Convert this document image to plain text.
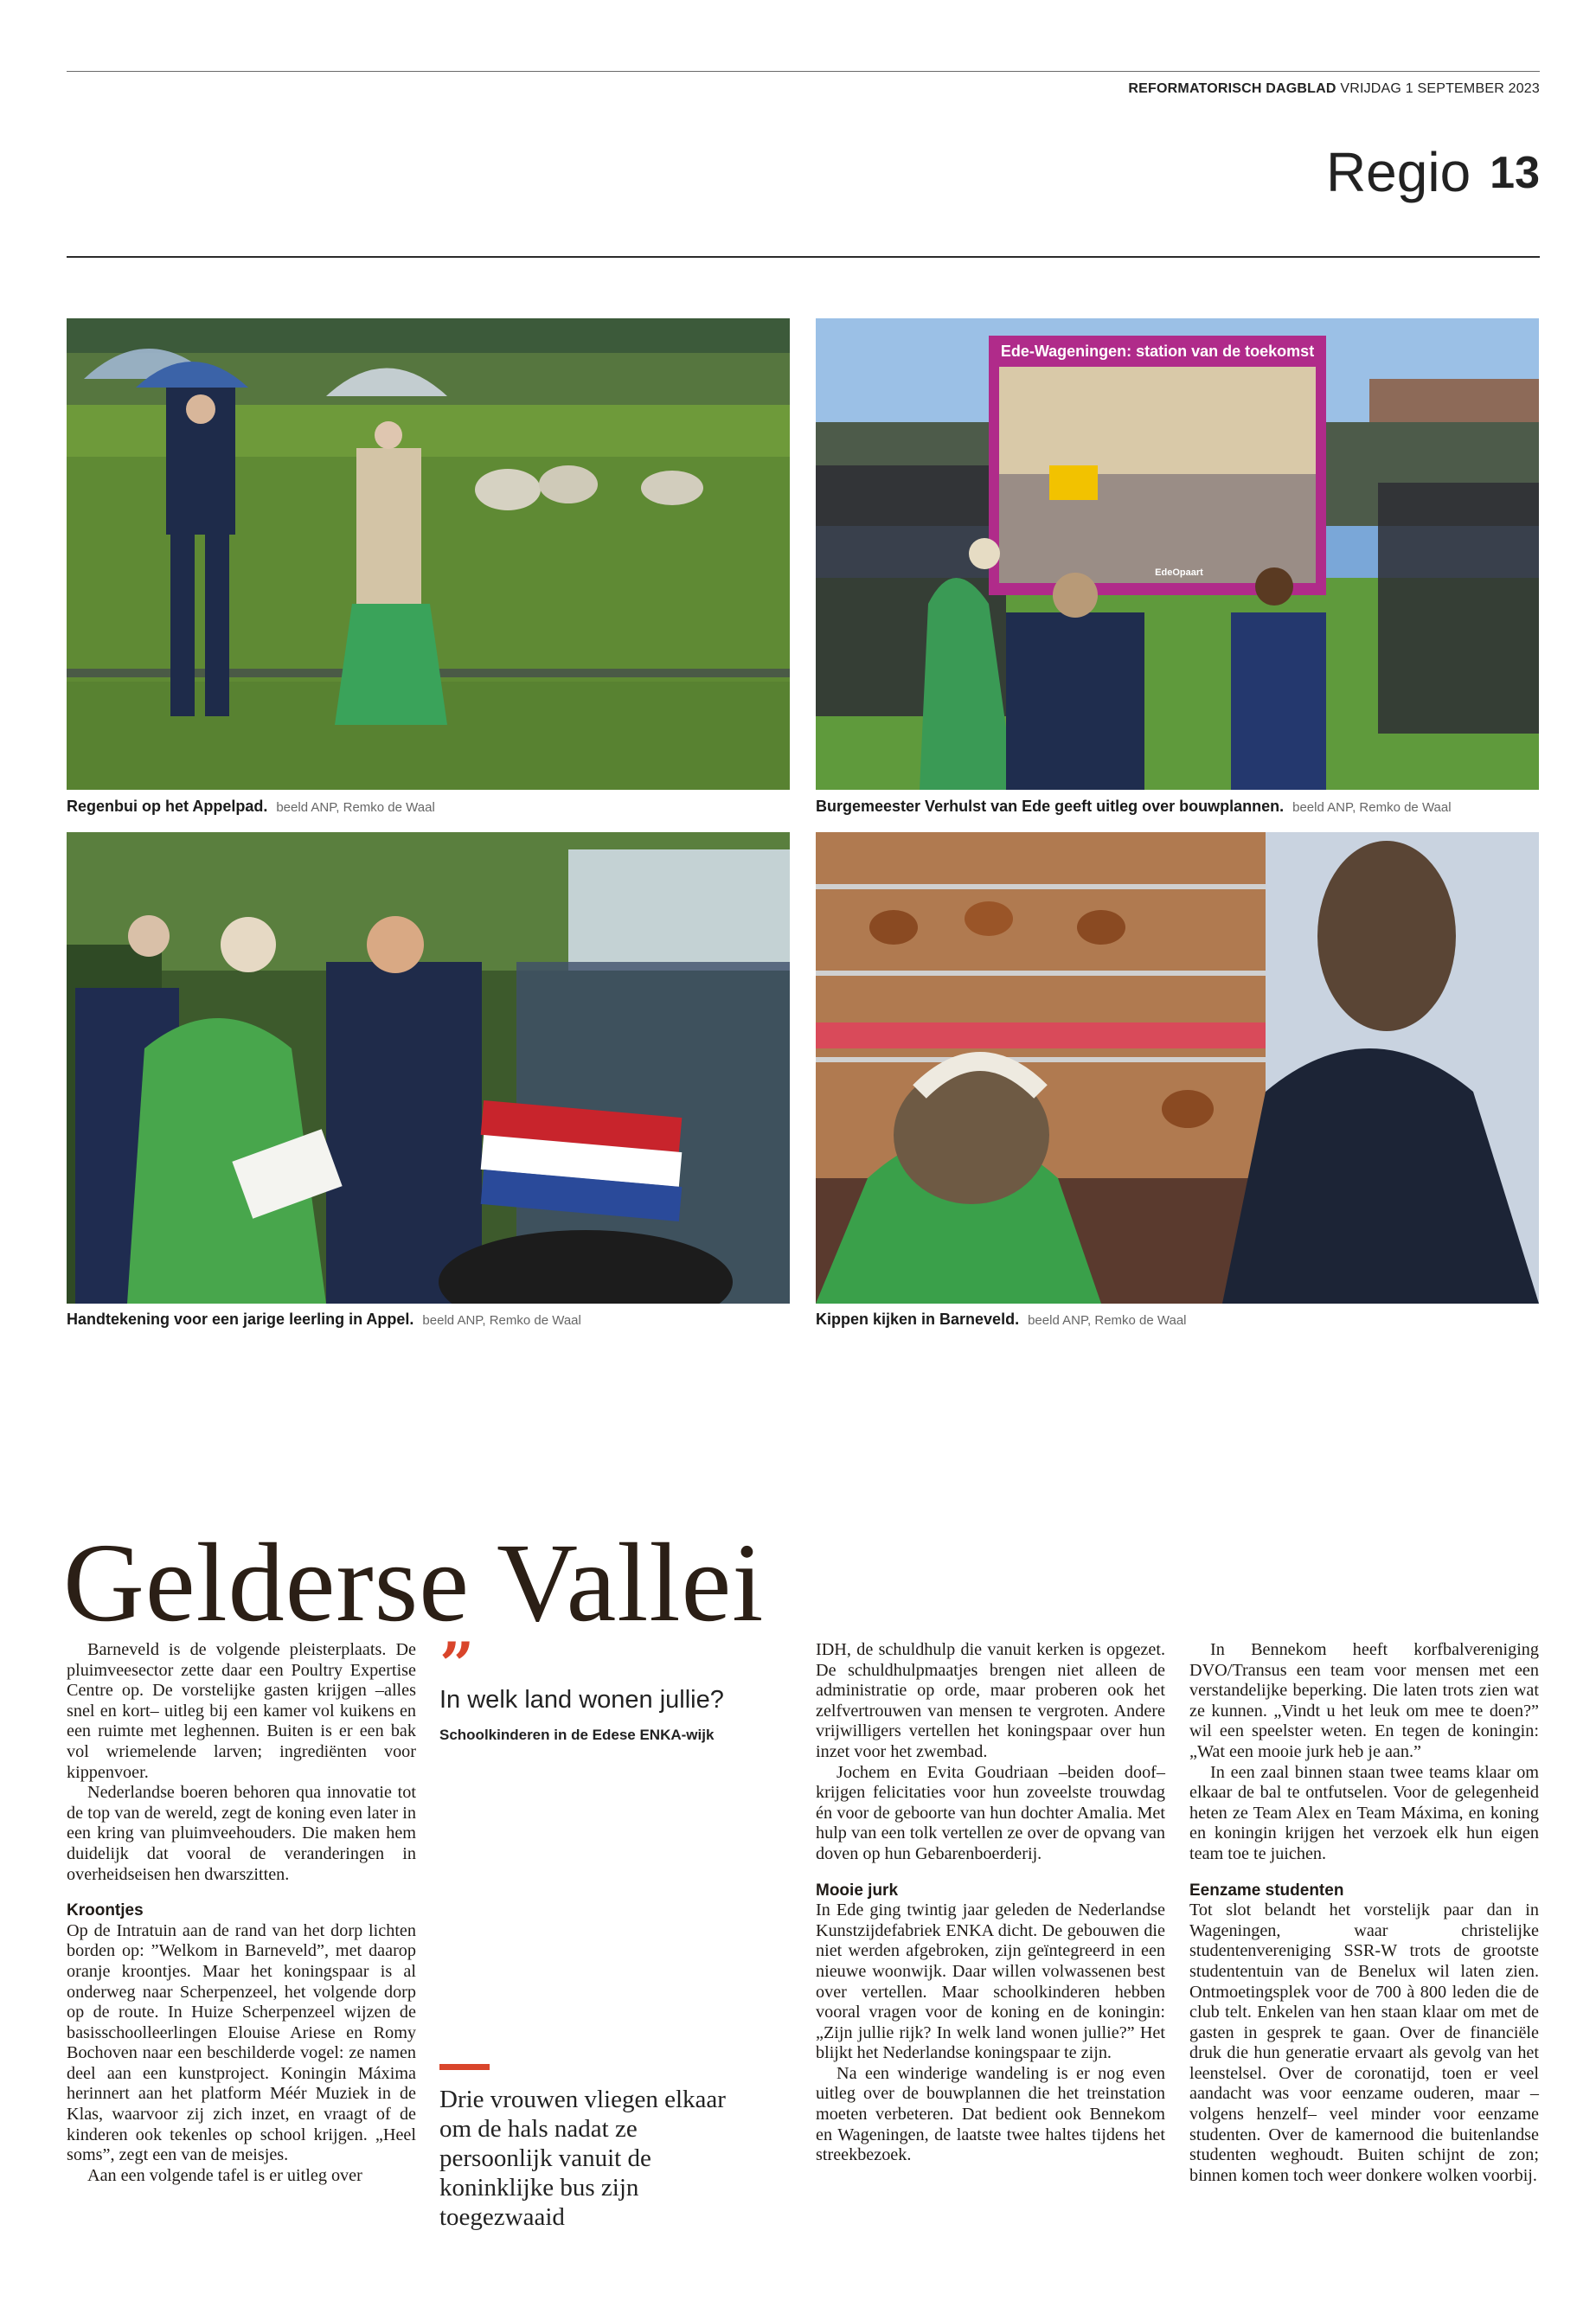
REFORMATORISCH DAGBLAD VRIJDAG 1 SEPTEMBER 2023
Regio 13
Regenbui op het Appelpad. beeld ANP, Remko de Waal
Ede-Wageningen: station van de toekomst
EdeOpaart
Burgemeester Verhulst van Ede geeft uitleg over bouwplannen. beeld ANP, Remko de Waal
Handtekening voor een jarige leerling in Appel. beeld ANP, Remko de Waal	Kippen kijken in Barneveld. beeld ANP, Remko de Waal
Gelderse Vallei

Barneveld is de volgende pleisterplaats. De pluimveesector zette daar een Poultry Expertise Centre op. De vorstelijke gasten krijgen –alles snel en kort– uitleg bij een kamer vol kuikens en een ruimte met leghennen. Buiten is er een bak vol wriemelende larven; ingrediënten voor kippenvoer.

Nederlandse boeren behoren qua innovatie tot de top van de wereld, zegt de koning even later in een kring van pluimveehouders. Die maken hem duidelijk dat vooral de veranderingen in overheidseisen hen dwarszitten.

Kroontjes

Op de Intratuin aan de rand van het dorp lichten borden op: ”Welkom in Barneveld”, met daarop oranje kroontjes. Maar het koningspaar is al onderweg naar Scherpenzeel, het volgende dorp op de route. In Huize Scherpenzeel wijzen de basisschoolleerlingen Elouise Ariese en Romy Bochoven naar een beschilderde vogel: ze namen deel aan een kunstproject. Koningin Máxima herinnert aan het platform Méér Muziek in de Klas, waarvoor zij zich inzet, en vraagt of de kinderen ook tekenles op school krijgen. „Heel soms”, zegt een van de meisjes.

Aan een volgende tafel is er uitleg over

”
In welk land wonen jullie?
Schoolkinderen in de Edese ENKA-wijk
Drie vrouwen vliegen elkaar om de hals nadat ze persoonlijk vanuit de koninklijke bus zijn toegezwaaid

IDH, de schuldhulp die vanuit kerken is opgezet. De schuldhulpmaatjes brengen niet alleen de administratie op orde, maar proberen ook het zelfvertrouwen van mensen te vergroten. Andere vrijwilligers vertellen het koningspaar over hun inzet voor het zwembad.

Jochem en Evita Goudriaan –beiden doof– krijgen felicitaties voor hun zoveelste trouwdag én voor de geboorte van hun dochter Amalia. Met hulp van een tolk vertellen ze over de opvang van doven op hun Gebarenboerderij.

Mooie jurk

In Ede ging twintig jaar geleden de Nederlandse Kunstzijdefabriek ENKA dicht. De gebouwen die niet werden afgebroken, zijn geïntegreerd in een nieuwe woonwijk. Daar willen volwassenen best over vertellen. Maar schoolkinderen hebben vooral vragen voor de koning en de koningin: „Zijn jullie rijk? In welk land wonen jullie?” Het blijkt het Nederlandse koningspaar te zijn.

Na een winderige wandeling is er nog even uitleg over de bouwplannen die het treinstation moeten verbeteren. Dat bedient ook Bennekom en Wageningen, de laatste twee haltes tijdens het streekbezoek.

In Bennekom heeft korfbalvereniging DVO/Transus een team voor mensen met een verstandelijke beperking. Die laten trots zien wat ze kunnen. „Vindt u het leuk om mee te doen?” wil een speelster weten. En tegen de koningin: „Wat een mooie jurk heb je aan.”

In een zaal binnen staan twee teams klaar om elkaar de bal te ontfutselen. Voor de gelegenheid heten ze Team Alex en Team Máxima, en koning en koningin krijgen het verzoek elk hun eigen team toe te juichen.

Eenzame studenten

Tot slot belandt het vorstelijk paar dan in Wageningen, waar christelijke studentenvereniging SSR-W trots de grootste studententuin van de Benelux wil laten zien. Ontmoetingsplek voor de 700 à 800 leden die de club telt. Enkelen van hen staan klaar om met de gasten in gesprek te gaan. Over de financiële druk die hun generatie ervaart als gevolg van het leenstelsel. Over de coronatijd, toen er veel aandacht was voor eenzame ouderen, maar –volgens henzelf– veel minder voor eenzame studenten. Over de kamernood die buitenlandse studenten weghoudt. Buiten schijnt de zon; binnen komen toch weer donkere wolken voorbij.
